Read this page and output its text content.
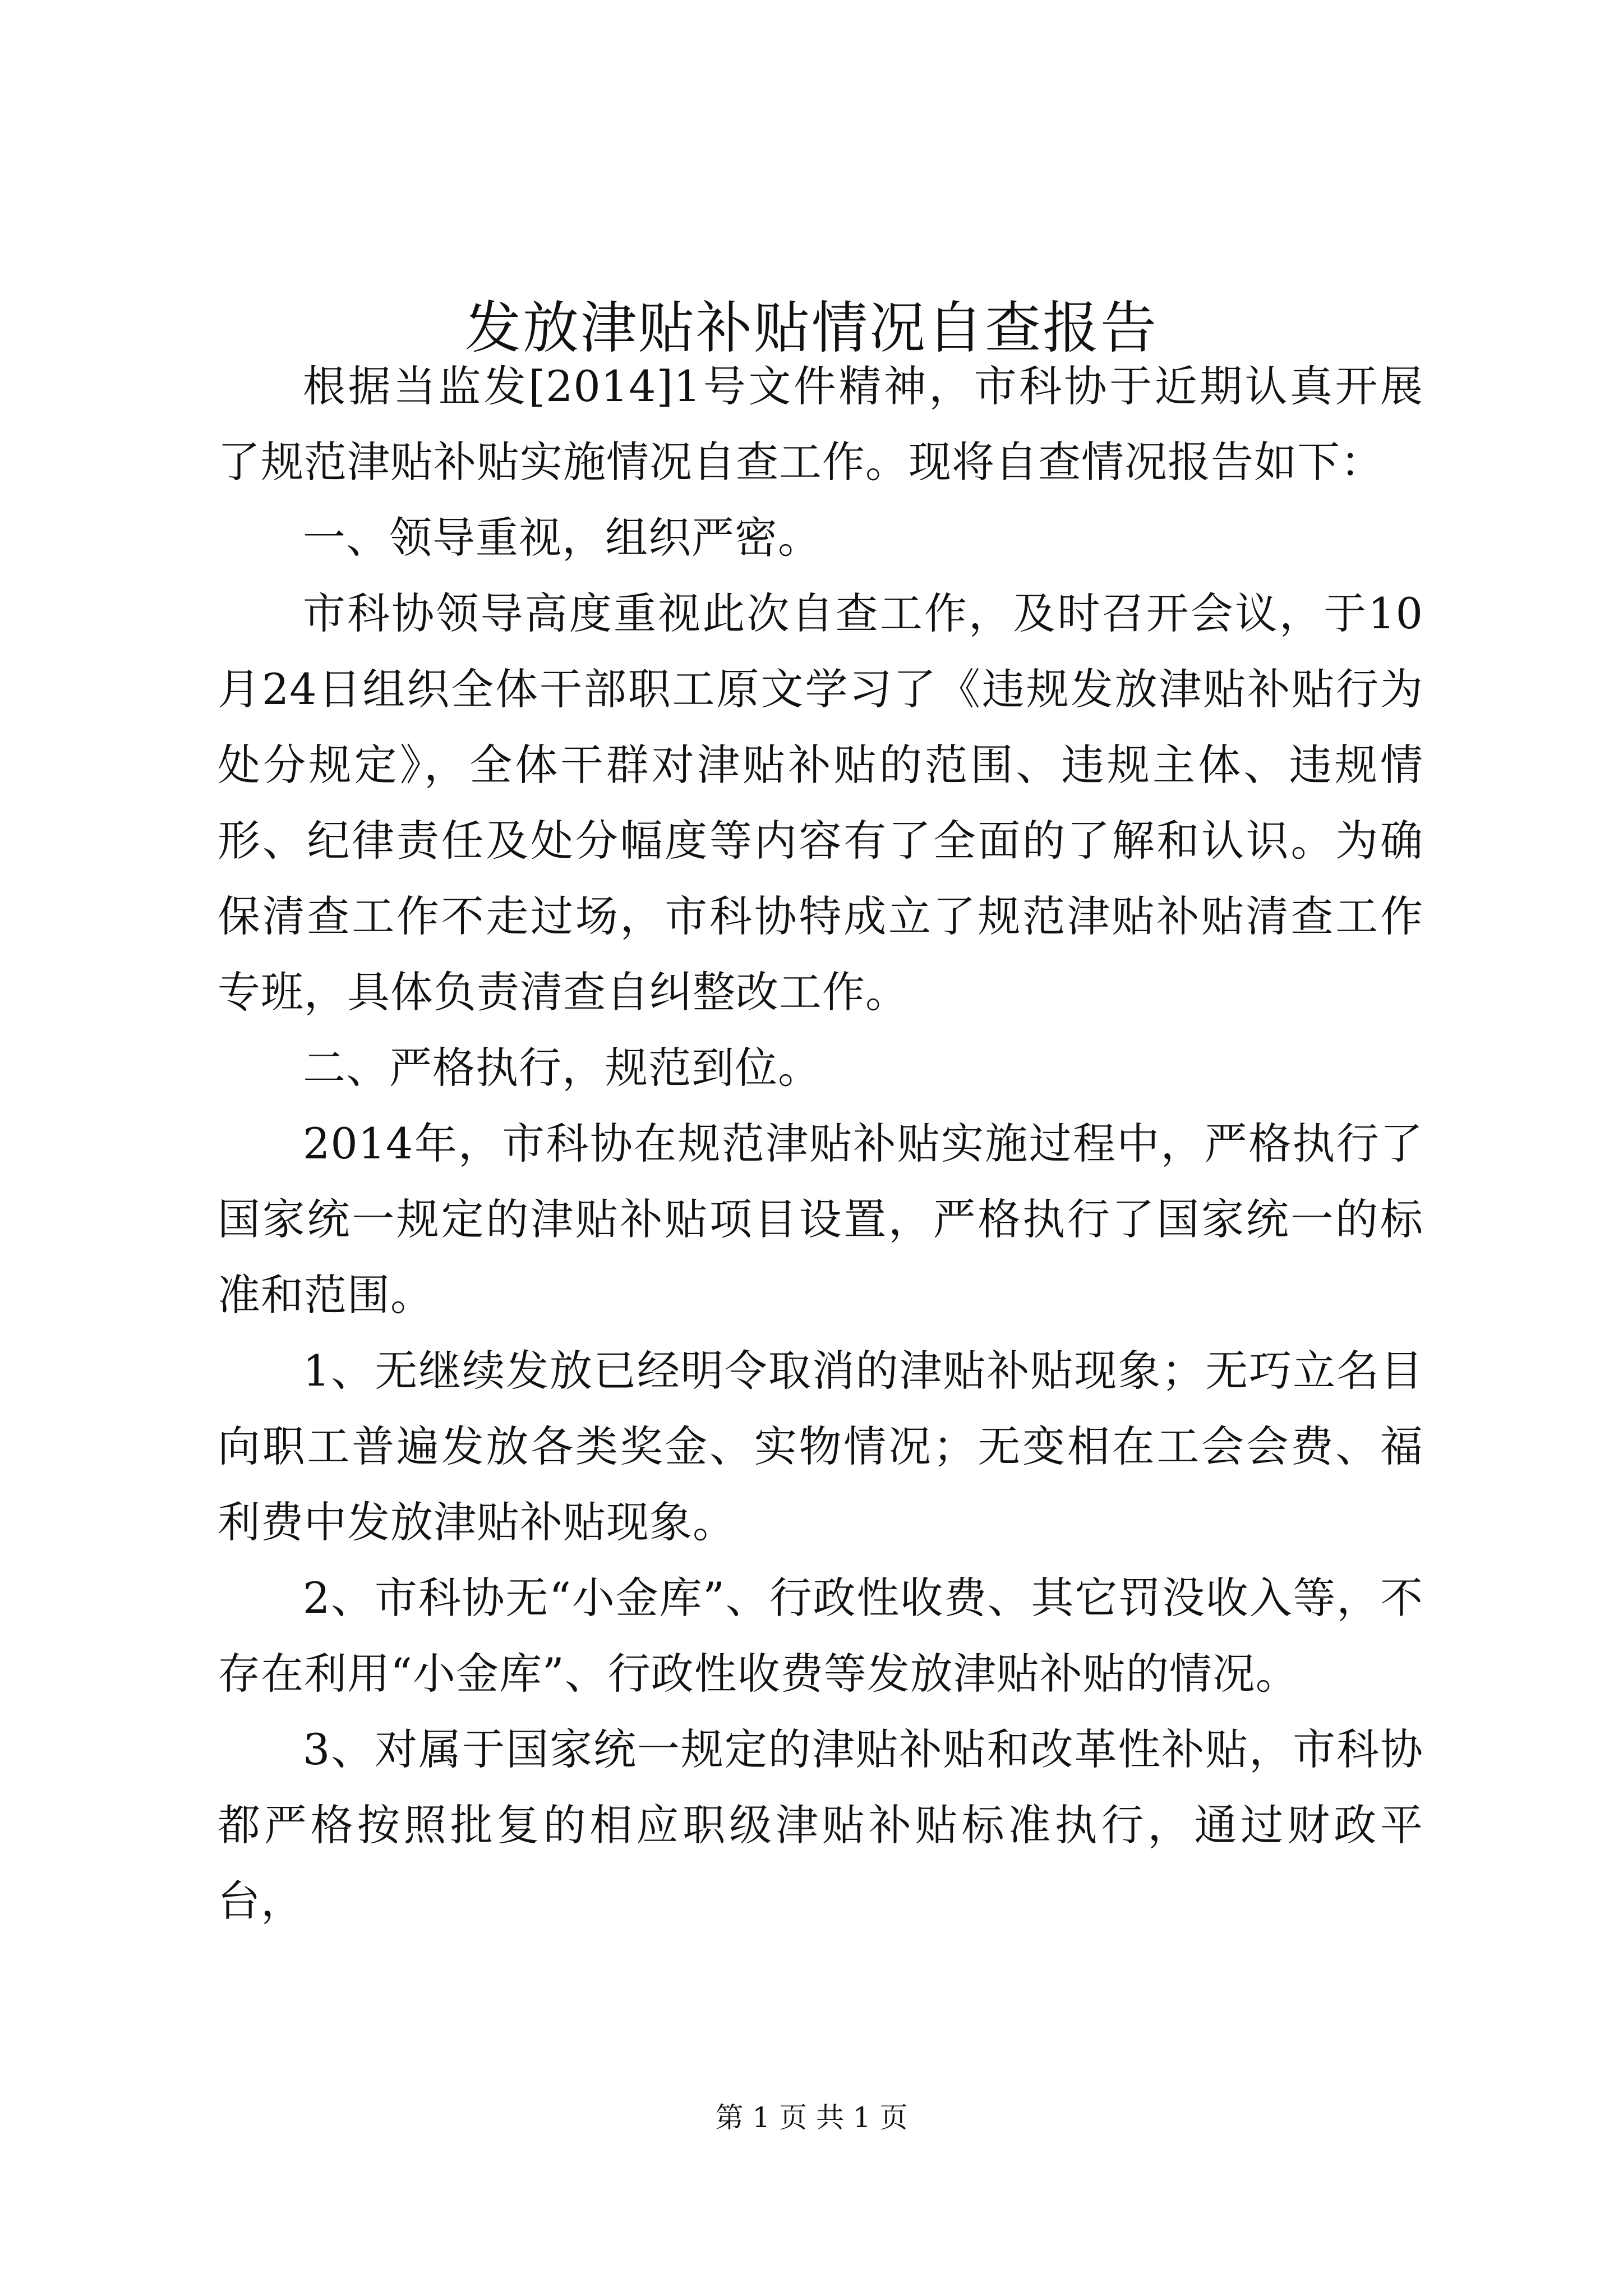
发放津贴补贴情况自查报告

根据当监发[2014]1号文件精神，市科协于近期认真开展了规范津贴补贴实施情况自查工作。现将自查情况报告如下：

一、领导重视，组织严密。

市科协领导高度重视此次自查工作，及时召开会议，于10月24日组织全体干部职工原文学习了《违规发放津贴补贴行为处分规定》，全体干群对津贴补贴的范围、违规主体、违规情形、纪律责任及处分幅度等内容有了全面的了解和认识。为确保清查工作不走过场，市科协特成立了规范津贴补贴清查工作专班，具体负责清查自纠整改工作。

二、严格执行，规范到位。

2014年，市科协在规范津贴补贴实施过程中，严格执行了国家统一规定的津贴补贴项目设置，严格执行了国家统一的标准和范围。

1、无继续发放已经明令取消的津贴补贴现象；无巧立名目向职工普遍发放各类奖金、实物情况；无变相在工会会费、福利费中发放津贴补贴现象。

2、市科协无“小金库”、行政性收费、其它罚没收入等，不存在利用“小金库”、行政性收费等发放津贴补贴的情况。

3、对属于国家统一规定的津贴补贴和改革性补贴，市科协都严格按照批复的相应职级津贴补贴标准执行，通过财政平台，

第 1 页 共 1 页
